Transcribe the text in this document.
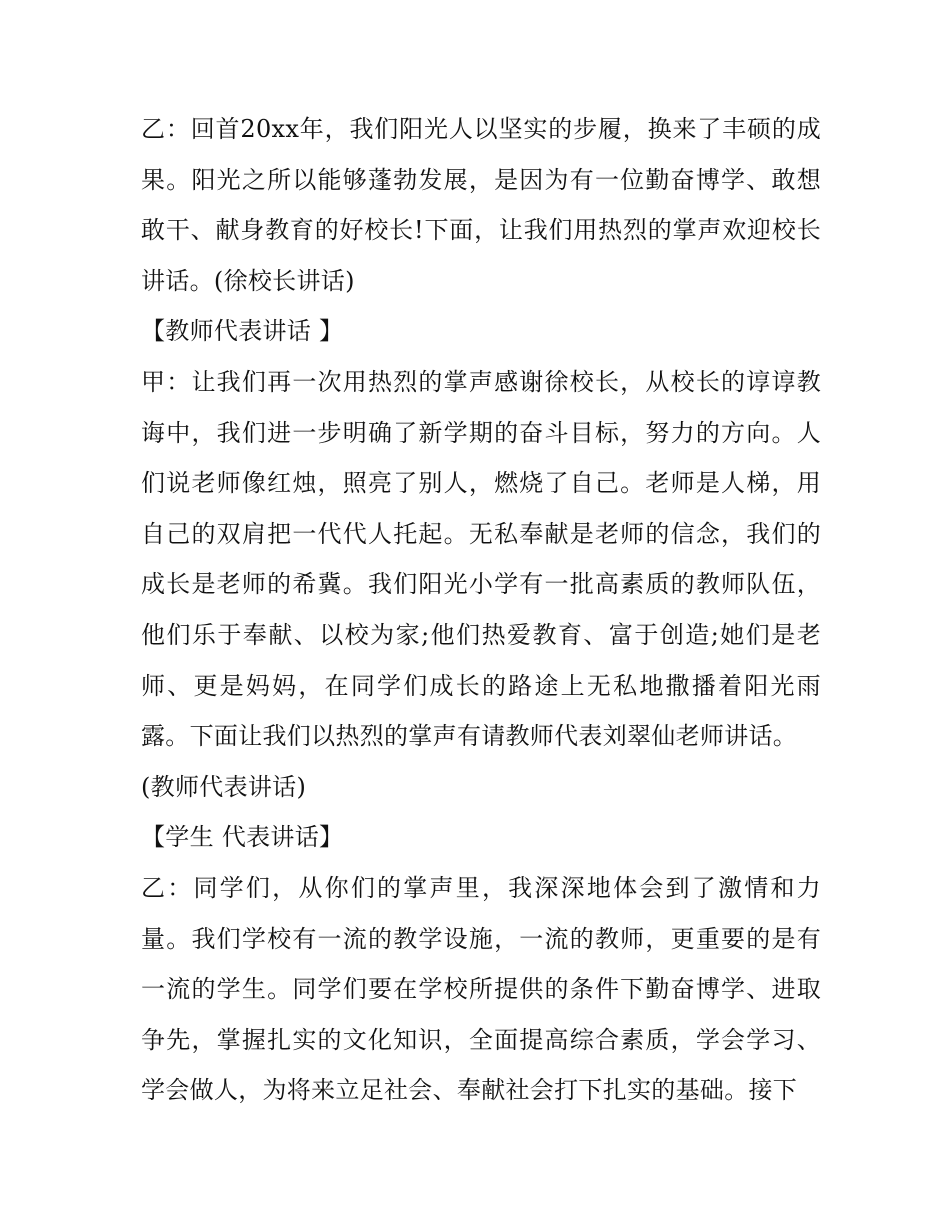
乙：回首20xx年，我们阳光人以坚实的步履，换来了丰硕的成果。阳光之所以能够蓬勃发展，是因为有一位勤奋博学、敢想敢干、献身教育的好校长!下面，让我们用热烈的掌声欢迎校长讲话。(徐校长讲话)

【教师代表讲话 】

甲：让我们再一次用热烈的掌声感谢徐校长，从校长的谆谆教诲中，我们进一步明确了新学期的奋斗目标，努力的方向。人们说老师像红烛，照亮了别人，燃烧了自己。老师是人梯，用自己的双肩把一代代人托起。无私奉献是老师的信念，我们的成长是老师的希冀。我们阳光小学有一批高素质的教师队伍，他们乐于奉献、以校为家;他们热爱教育、富于创造;她们是老师、更是妈妈，在同学们成长的路途上无私地撒播着阳光雨露。下面让我们以热烈的掌声有请教师代表刘翠仙老师讲话。

(教师代表讲话)

【学生 代表讲话】

乙：同学们，从你们的掌声里，我深深地体会到了激情和力量。我们学校有一流的教学设施，一流的教师，更重要的是有一流的学生。同学们要在学校所提供的条件下勤奋博学、进取争先，掌握扎实的文化知识，全面提高综合素质，学会学习、学会做人，为将来立足社会、奉献社会打下扎实的基础。接下
